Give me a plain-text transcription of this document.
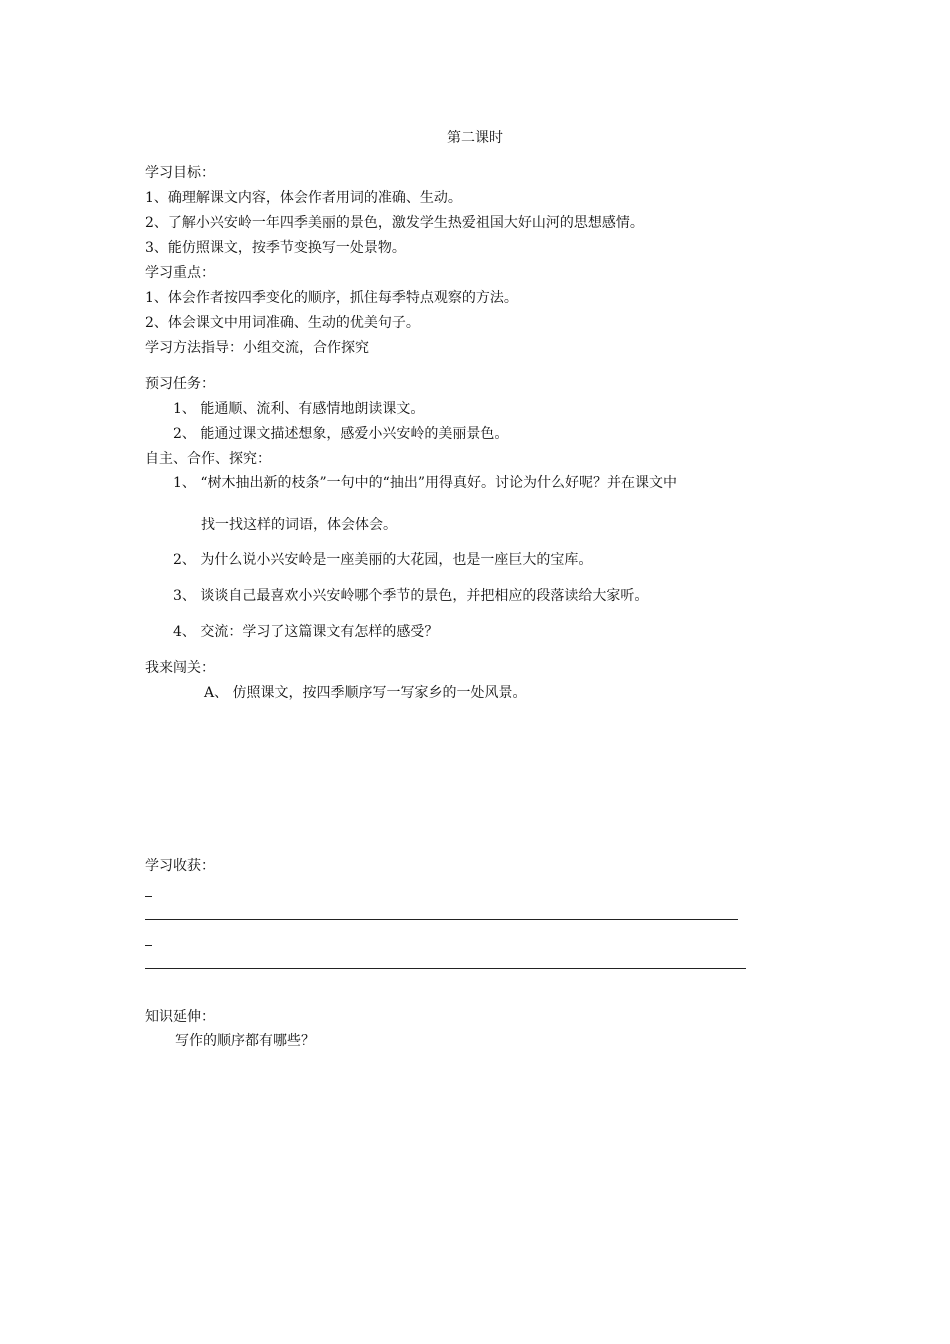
第二课时
学习目标：
1、确理解课文内容，体会作者用词的准确、生动。
2、了解小兴安岭一年四季美丽的景色，激发学生热爱祖国大好山河的思想感情。
3、能仿照课文，按季节变换写一处景物。
学习重点：
1、体会作者按四季变化的顺序，抓住每季特点观察的方法。
2、体会课文中用词准确、生动的优美句子。
学习方法指导：小组交流，合作探究
预习任务：
1、 能通顺、流利、有感情地朗读课文。
2、 能通过课文描述想象，感爱小兴安岭的美丽景色。
自主、合作、探究：
1、 “树木抽出新的枝条”一句中的“抽出”用得真好。讨论为什么好呢？并在课文中
找一找这样的词语，体会体会。
2、 为什么说小兴安岭是一座美丽的大花园，也是一座巨大的宝库。
3、 谈谈自己最喜欢小兴安岭哪个季节的景色，并把相应的段落读给大家听。
4、 交流：学习了这篇课文有怎样的感受？
我来闯关：
A、 仿照课文，按四季顺序写一写家乡的一处风景。
学习收获：
知识延伸：
写作的顺序都有哪些？
